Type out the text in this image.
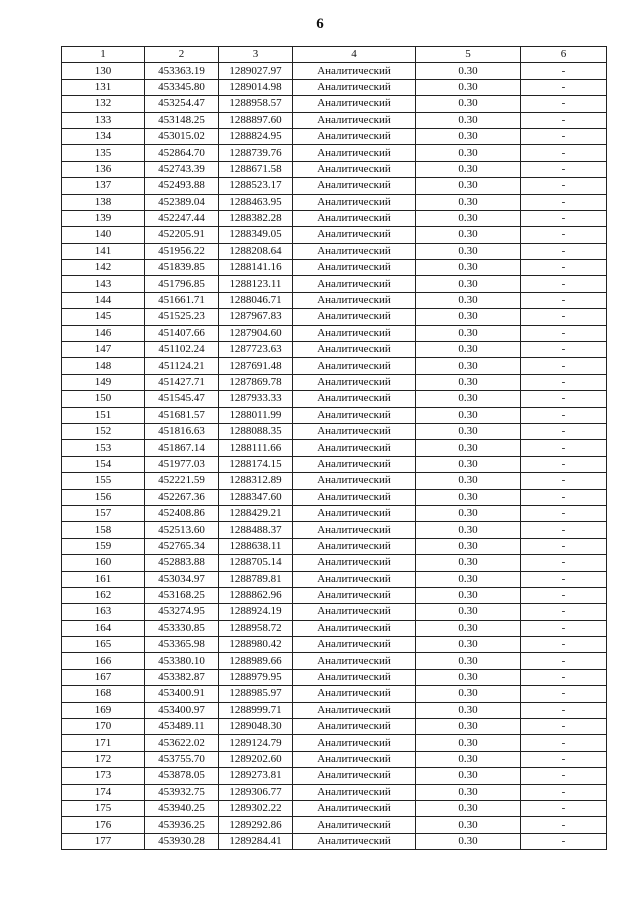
6
1	2	3	4	5	6
130	453363.19	1289027.97	Аналитический	0.30	-
131	453345.80	1289014.98	Аналитический	0.30	-
132	453254.47	1288958.57	Аналитический	0.30	-
133	453148.25	1288897.60	Аналитический	0.30	-
134	453015.02	1288824.95	Аналитический	0.30	-
135	452864.70	1288739.76	Аналитический	0.30	-
136	452743.39	1288671.58	Аналитический	0.30	-
137	452493.88	1288523.17	Аналитический	0.30	-
138	452389.04	1288463.95	Аналитический	0.30	-
139	452247.44	1288382.28	Аналитический	0.30	-
140	452205.91	1288349.05	Аналитический	0.30	-
141	451956.22	1288208.64	Аналитический	0.30	-
142	451839.85	1288141.16	Аналитический	0.30	-
143	451796.85	1288123.11	Аналитический	0.30	-
144	451661.71	1288046.71	Аналитический	0.30	-
145	451525.23	1287967.83	Аналитический	0.30	-
146	451407.66	1287904.60	Аналитический	0.30	-
147	451102.24	1287723.63	Аналитический	0.30	-
148	451124.21	1287691.48	Аналитический	0.30	-
149	451427.71	1287869.78	Аналитический	0.30	-
150	451545.47	1287933.33	Аналитический	0.30	-
151	451681.57	1288011.99	Аналитический	0.30	-
152	451816.63	1288088.35	Аналитический	0.30	-
153	451867.14	1288111.66	Аналитический	0.30	-
154	451977.03	1288174.15	Аналитический	0.30	-
155	452221.59	1288312.89	Аналитический	0.30	-
156	452267.36	1288347.60	Аналитический	0.30	-
157	452408.86	1288429.21	Аналитический	0.30	-
158	452513.60	1288488.37	Аналитический	0.30	-
159	452765.34	1288638.11	Аналитический	0.30	-
160	452883.88	1288705.14	Аналитический	0.30	-
161	453034.97	1288789.81	Аналитический	0.30	-
162	453168.25	1288862.96	Аналитический	0.30	-
163	453274.95	1288924.19	Аналитический	0.30	-
164	453330.85	1288958.72	Аналитический	0.30	-
165	453365.98	1288980.42	Аналитический	0.30	-
166	453380.10	1288989.66	Аналитический	0.30	-
167	453382.87	1288979.95	Аналитический	0.30	-
168	453400.91	1288985.97	Аналитический	0.30	-
169	453400.97	1288999.71	Аналитический	0.30	-
170	453489.11	1289048.30	Аналитический	0.30	-
171	453622.02	1289124.79	Аналитический	0.30	-
172	453755.70	1289202.60	Аналитический	0.30	-
173	453878.05	1289273.81	Аналитический	0.30	-
174	453932.75	1289306.77	Аналитический	0.30	-
175	453940.25	1289302.22	Аналитический	0.30	-
176	453936.25	1289292.86	Аналитический	0.30	-
177	453930.28	1289284.41	Аналитический	0.30	-
